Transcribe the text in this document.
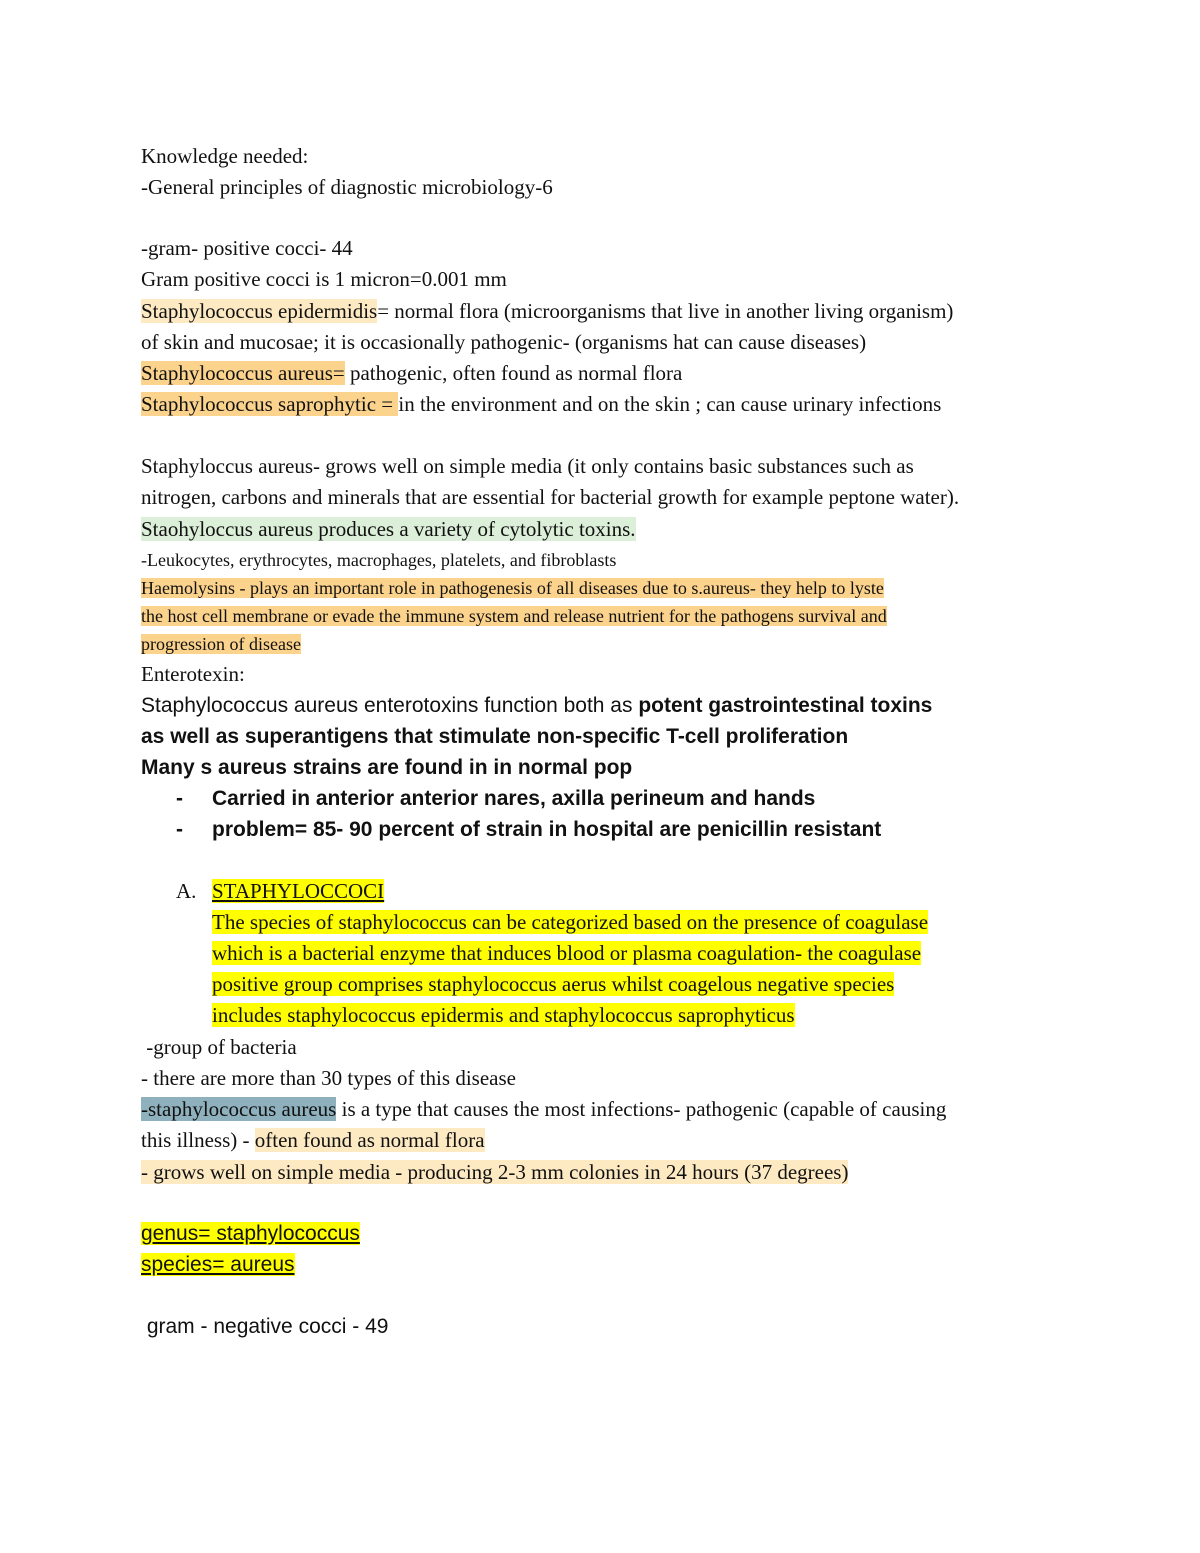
Knowledge needed:
-General principles of diagnostic microbiology-6
-gram- positive cocci- 44
Gram positive cocci is 1 micron=0.001 mm
Staphylococcus epidermidis= normal flora (microorganisms that live in another living organism)
of skin and mucosae; it is occasionally pathogenic- (organisms hat can cause diseases)
Staphylococcus aureus= pathogenic, often found as normal flora
Staphylococcus saprophytic = in the environment and on the skin ; can cause urinary infections
Staphyloccus aureus- grows well on simple media (it only contains basic substances such as
nitrogen, carbons and minerals that are essential for bacterial growth for example peptone water).
Staohyloccus aureus produces a variety of cytolytic toxins.
-Leukocytes, erythrocytes, macrophages, platelets, and fibroblasts
Haemolysins - plays an important role in pathogenesis of all diseases due to s.aureus- they help to lyste
the host cell membrane or evade the immune system and release nutrient for the pathogens survival and
progression of disease
Enterotexin:
Staphylococcus aureus enterotoxins function both as potent gastrointestinal toxins
as well as superantigens that stimulate non-specific T-cell proliferation
Many s aureus strains are found in in normal pop
- Carried in anterior anterior nares, axilla perineum and hands
- problem= 85- 90 percent of strain in hospital are penicillin resistant
A. STAPHYLOCCOCI
The species of staphylococcus can be categorized based on the presence of coagulase
which is a bacterial enzyme that induces blood or plasma coagulation- the coagulase
positive group comprises staphylococcus aerus whilst coagelous negative species
includes staphylococcus epidermis and staphylococcus saprophyticus
-group of bacteria
- there are more than 30 types of this disease
-staphylococcus aureus is a type that causes the most infections- pathogenic (capable of causing
this illness) - often found as normal flora
- grows well on simple media - producing 2-3 mm colonies in 24 hours (37 degrees)
genus= staphylococcus
species= aureus
gram - negative cocci - 49
